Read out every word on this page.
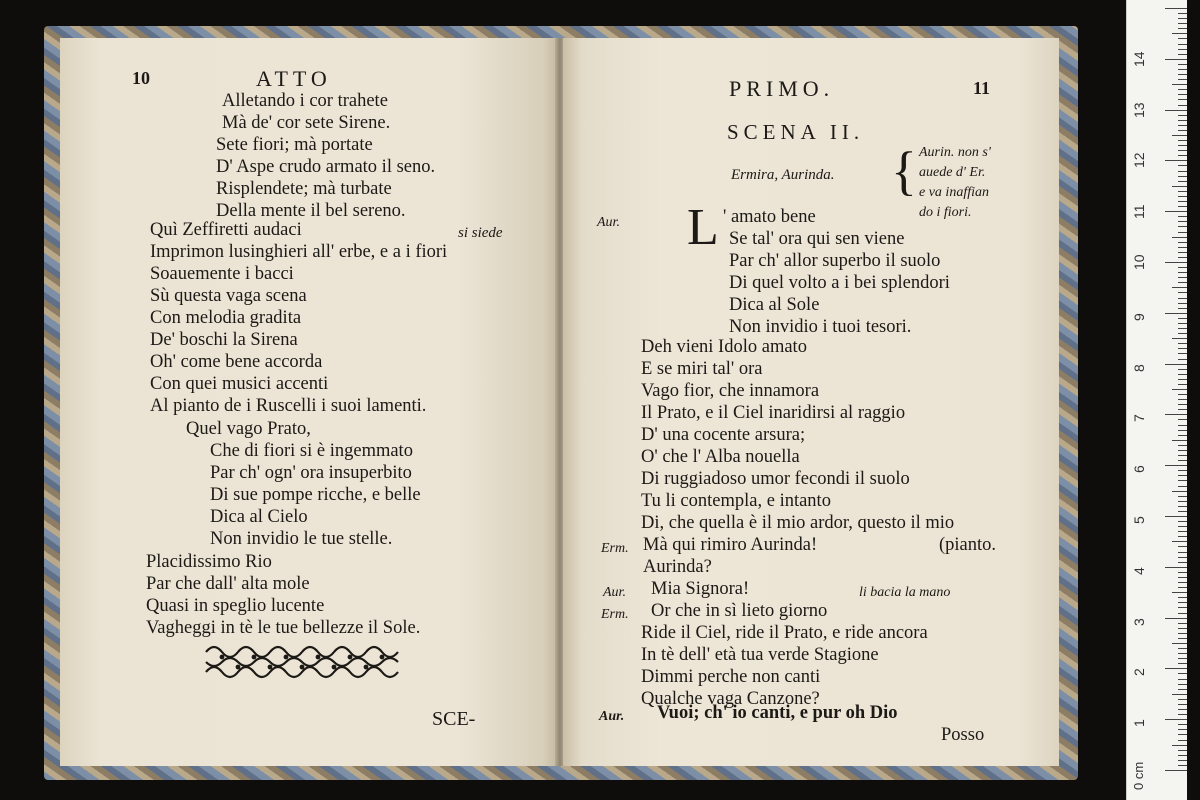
10	ATTO
Alletando i cor trahete
Mà de' cor sete Sirene.
Sete fiori; mà portate
D' Aspe crudo armato il seno.
Risplendete; mà turbate
Della mente il bel sereno.
Quì Zeffiretti audaci	si siede
Imprimon lusinghieri all' erbe, e a i fiori
Soauemente i bacci
Sù questa vaga scena
Con melodia gradita
De' boschi la Sirena
Oh' come bene accorda
Con quei musici accenti
Al pianto de i Ruscelli i suoi lamenti.
Quel vago Prato,
Che di fiori si è ingemmato
Par ch' ogn' ora insuperbito
Di sue pompe ricche, e belle
Dica al Cielo
Non invidio le tue stelle.
Placidissimo Rio
Par che dall' alta mole
Quasi in speglio lucente
Vagheggi in tè le tue bellezze il Sole.
SCE-
PRIMO.	11
SCENA II.
Ermira, Aurinda. { Aurin. non s'
auede d' Er.
e va inaffian
do i fiori.
Aur. L ' amato bene
Se tal' ora qui sen viene
Par ch' allor superbo il suolo
Di quel volto a i bei splendori
Dica al Sole
Non invidio i tuoi tesori.
Deh vieni Idolo amato
E se miri tal' ora
Vago fior, che innamora
Il Prato, e il Ciel inaridirsi al raggio
D' una cocente arsura;
O' che l' Alba nouella
Di ruggiadoso umor fecondi il suolo
Tu li contempla, e intanto
Di, che quella è il mio ardor, questo il mio
Erm. Mà qui rimiro Aurinda!	(pianto.
Aurinda?
Aur. Mia Signora!	li bacia la mano
Erm. Or che in sì lieto giorno
Ride il Ciel, ride il Prato, e ride ancora
In tè dell' età tua verde Stagione
Dimmi perche non canti
Qualche vaga Canzone?
Aur. Vuoi; ch' io canti, e pur oh Dio
Posso
0 cm
1
2
3
4
5
6
7
8
9
10
11
12
13
14
